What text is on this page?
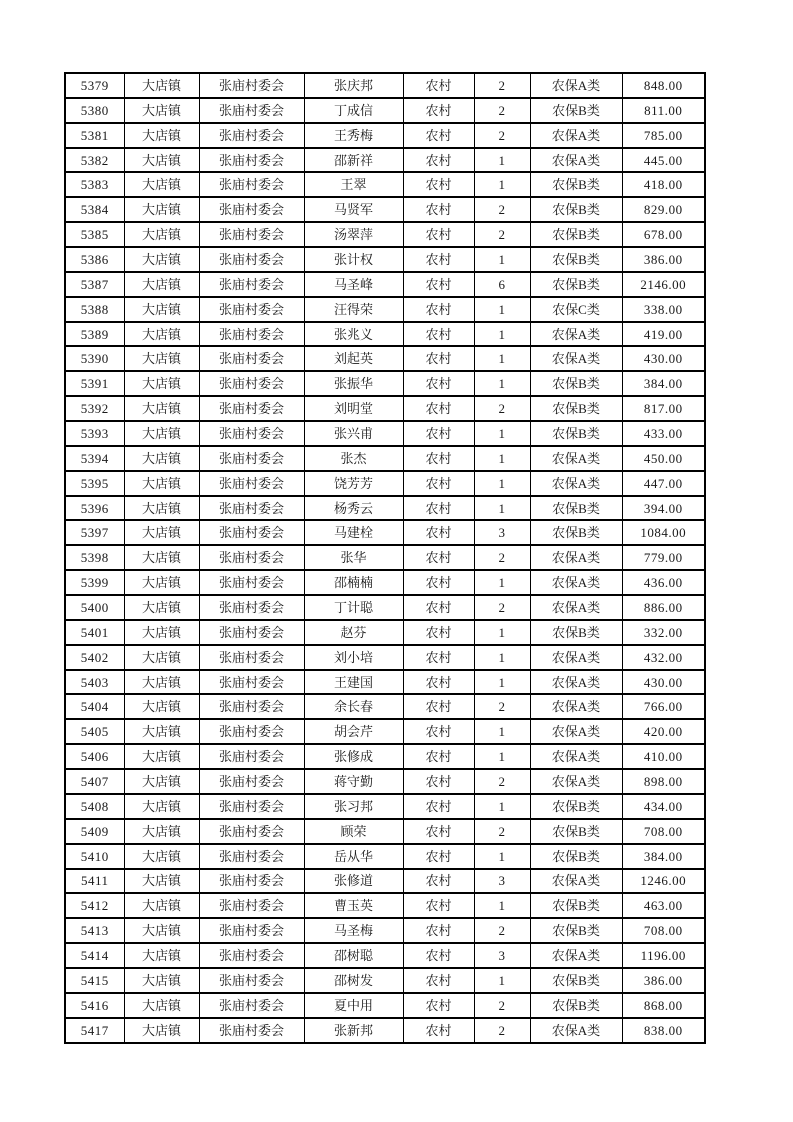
5379	大店镇	张庙村委会	张庆邦	农村	2	农保A类	848.00
5380	大店镇	张庙村委会	丁成信	农村	2	农保B类	811.00
5381	大店镇	张庙村委会	王秀梅	农村	2	农保A类	785.00
5382	大店镇	张庙村委会	邵新祥	农村	1	农保A类	445.00
5383	大店镇	张庙村委会	王翠	农村	1	农保B类	418.00
5384	大店镇	张庙村委会	马贤军	农村	2	农保B类	829.00
5385	大店镇	张庙村委会	汤翠萍	农村	2	农保B类	678.00
5386	大店镇	张庙村委会	张计权	农村	1	农保B类	386.00
5387	大店镇	张庙村委会	马圣峰	农村	6	农保B类	2146.00
5388	大店镇	张庙村委会	汪得荣	农村	1	农保C类	338.00
5389	大店镇	张庙村委会	张兆义	农村	1	农保A类	419.00
5390	大店镇	张庙村委会	刘起英	农村	1	农保A类	430.00
5391	大店镇	张庙村委会	张振华	农村	1	农保B类	384.00
5392	大店镇	张庙村委会	刘明堂	农村	2	农保B类	817.00
5393	大店镇	张庙村委会	张兴甫	农村	1	农保B类	433.00
5394	大店镇	张庙村委会	张杰	农村	1	农保A类	450.00
5395	大店镇	张庙村委会	饶芳芳	农村	1	农保A类	447.00
5396	大店镇	张庙村委会	杨秀云	农村	1	农保B类	394.00
5397	大店镇	张庙村委会	马建栓	农村	3	农保B类	1084.00
5398	大店镇	张庙村委会	张华	农村	2	农保A类	779.00
5399	大店镇	张庙村委会	邵楠楠	农村	1	农保A类	436.00
5400	大店镇	张庙村委会	丁计聪	农村	2	农保A类	886.00
5401	大店镇	张庙村委会	赵芬	农村	1	农保B类	332.00
5402	大店镇	张庙村委会	刘小培	农村	1	农保A类	432.00
5403	大店镇	张庙村委会	王建国	农村	1	农保A类	430.00
5404	大店镇	张庙村委会	余长春	农村	2	农保A类	766.00
5405	大店镇	张庙村委会	胡会芹	农村	1	农保A类	420.00
5406	大店镇	张庙村委会	张修成	农村	1	农保A类	410.00
5407	大店镇	张庙村委会	蒋守勤	农村	2	农保A类	898.00
5408	大店镇	张庙村委会	张习邦	农村	1	农保B类	434.00
5409	大店镇	张庙村委会	顾荣	农村	2	农保B类	708.00
5410	大店镇	张庙村委会	岳从华	农村	1	农保B类	384.00
5411	大店镇	张庙村委会	张修道	农村	3	农保A类	1246.00
5412	大店镇	张庙村委会	曹玉英	农村	1	农保B类	463.00
5413	大店镇	张庙村委会	马圣梅	农村	2	农保B类	708.00
5414	大店镇	张庙村委会	邵树聪	农村	3	农保A类	1196.00
5415	大店镇	张庙村委会	邵树发	农村	1	农保B类	386.00
5416	大店镇	张庙村委会	夏中用	农村	2	农保B类	868.00
5417	大店镇	张庙村委会	张新邦	农村	2	农保A类	838.00
